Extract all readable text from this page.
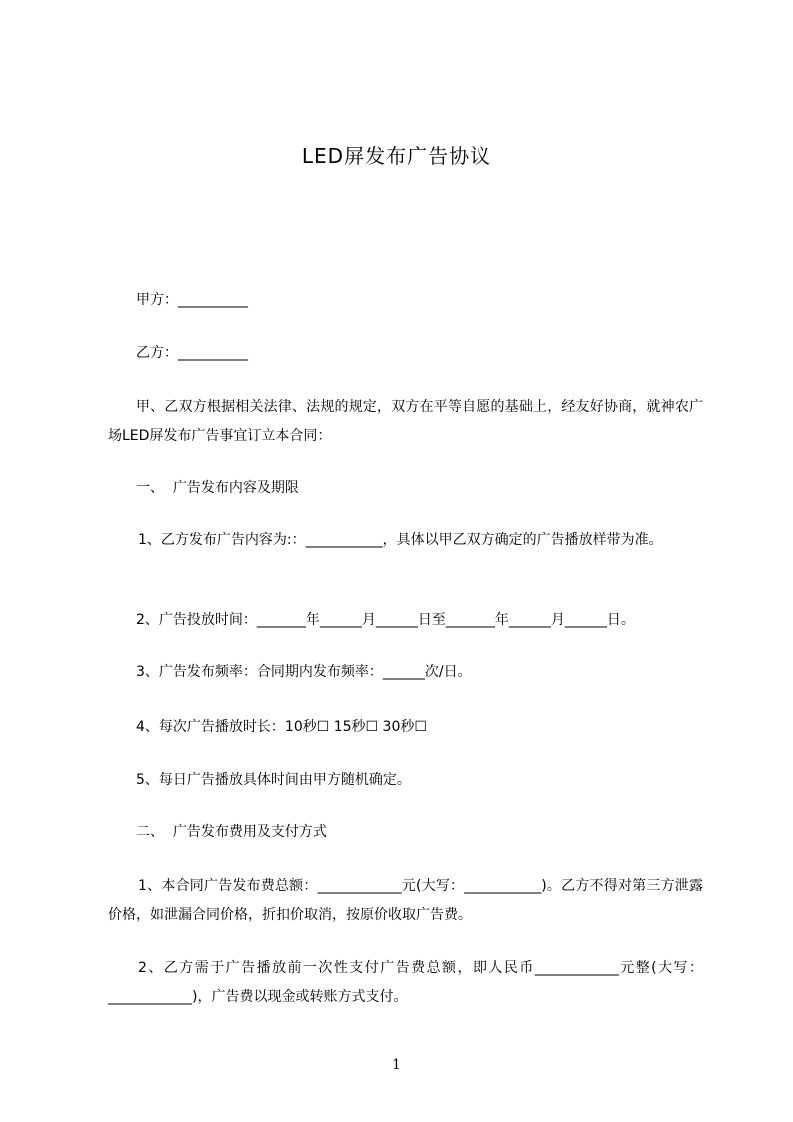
LED屏发布广告协议
甲方：__________
乙方：__________
甲、乙双方根据相关法律、法规的规定，双方在平等自愿的基础上，经友好协商，就神农广场LED屏发布广告事宜订立本合同：
一、  广告发布内容及期限
1、乙方发布广告内容为:：___________，具体以甲乙双方确定的广告播放样带为准。
2、广告投放时间：_______年______月______日至_______年______月______日。
3、广告发布频率：合同期内发布频率：______次/日。
4、每次广告播放时长：10秒☐ 15秒☐ 30秒☐
5、每日广告播放具体时间由甲方随机确定。
二、  广告发布费用及支付方式
1、本合同广告发布费总额：____________元(大写：___________)。乙方不得对第三方泄露价格，如泄漏合同价格，折扣价取消，按原价收取广告费。
2、乙方需于广告播放前一次性支付广告费总额，即人民币____________元整(大写：____________)，广告费以现金或转账方式支付。
1
